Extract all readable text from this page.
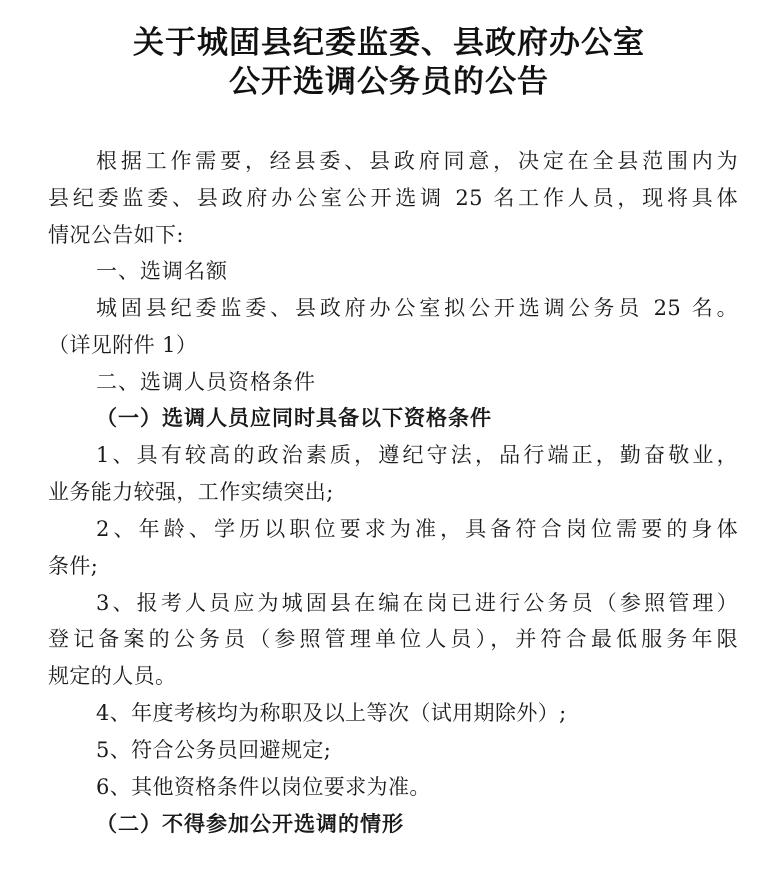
关于城固县纪委监委、县政府办公室
公开选调公务员的公告
根据工作需要，经县委、县政府同意，决定在全县范围内为
县纪委监委、县政府办公室公开选调 25 名工作人员，现将具体
情况公告如下:
一、选调名额
城固县纪委监委、县政府办公室拟公开选调公务员 25 名。
（详见附件 1）
二、选调人员资格条件
（一）选调人员应同时具备以下资格条件
1、具有较高的政治素质，遵纪守法，品行端正，勤奋敬业，
业务能力较强，工作实绩突出;
2、年龄、学历以职位要求为准，具备符合岗位需要的身体
条件;
3、报考人员应为城固县在编在岗已进行公务员（参照管理）
登记备案的公务员（参照管理单位人员），并符合最低服务年限
规定的人员。
4、年度考核均为称职及以上等次（试用期除外）;
5、符合公务员回避规定;
6、其他资格条件以岗位要求为准。
（二）不得参加公开选调的情形
